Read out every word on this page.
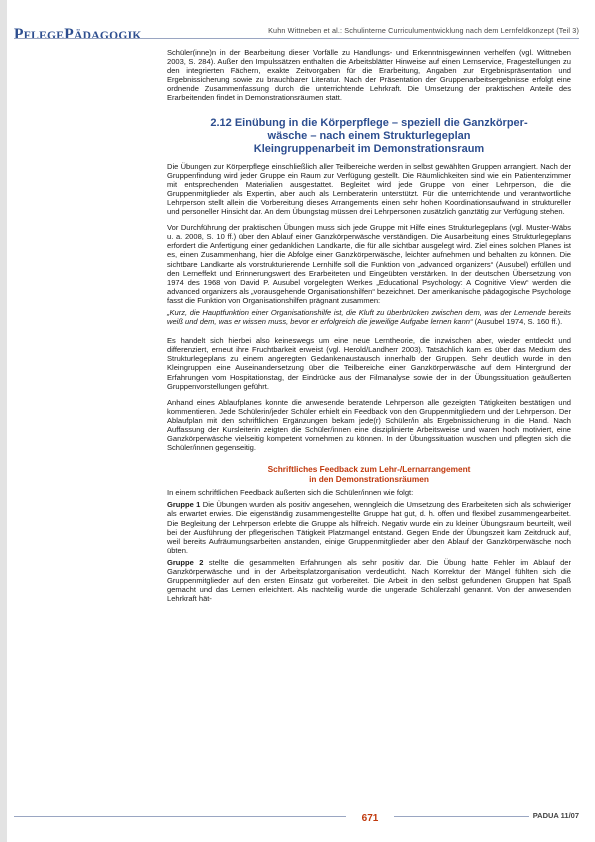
PFLEGEPÄDAGOGIK	Kuhn Wittneben et al.: Schulinterne Curriculumentwicklung nach dem Lernfeldkonzept (Teil 3)

Schüler(inne)n in der Bearbeitung dieser Vorfälle zu Handlungs- und Erkenntnisgewinnen verhelfen (vgl. Wittneben 2003, S. 284). Außer den Impulssätzen enthalten die Arbeitsblätter Hinweise auf einen Lernservice, Fragestellungen zu den integrierten Fächern, exakte Zeitvorgaben für die Erarbeitung, Angaben zur Ergebnispräsentation und Ergebnissicherung sowie zu brauchbarer Literatur. Nach der Präsentation der Gruppenarbeitsergebnisse erfolgt eine ordnende Zusammenfassung durch die unterrichtende Lehrkraft. Die Umsetzung der praktischen Anteile des Erarbeitenden findet in Demonstrationsräumen statt.

2.12 Einübung in die Körperpflege – speziell die Ganzkörper-
wäsche – nach einem Strukturlegeplan
Kleingruppenarbeit im Demonstrationsraum

Die Übungen zur Körperpflege einschließlich aller Teilbereiche werden in selbst gewählten Gruppen arrangiert. Nach der Gruppenfindung wird jeder Gruppe ein Raum zur Verfügung gestellt. Die Räumlichkeiten sind wie ein Patientenzimmer mit entsprechenden Materialien ausgestattet. Begleitet wird jede Gruppe von einer Lehrperson, die die Gruppenmitglieder als Expertin, aber auch als Lernberaterin unterstützt. Für die unterrichtende und verantwortliche Lehrperson stellt allein die Vorbereitung dieses Arrangements einen sehr hohen Koordinationsaufwand in struktureller und personeller Hinsicht dar. An dem Übungstag müssen drei Lehrpersonen zusätzlich ganztätig zur Verfügung stehen.

Vor Durchführung der praktischen Übungen muss sich jede Gruppe mit Hilfe eines Strukturlegeplans (vgl. Muster-Wäbs u. a. 2008, S. 10 ff.) über den Ablauf einer Ganzkörperwäsche verständigen. Die Ausarbeitung eines Strukturlegeplans erfordert die Anfertigung einer gedanklichen Landkarte, die für alle sichtbar ausgelegt wird. Ziel eines solchen Planes ist es, einen Zusammenhang, hier die Abfolge einer Ganzkörperwäsche, leichter aufnehmen und behalten zu können. Die sichtbare Landkarte als vorstrukturierende Lernhilfe soll die Funktion von „advanced organizers“ (Ausubel) erfüllen und den Lerneffekt und Erinnerungswert des Erarbeiteten und Eingeübten verstärken. In der deutschen Übersetzung von 1974 des 1968 von David P. Ausubel vorgelegten Werkes „Educational Psychology: A Cognitive View“ werden die advanced organizers als „vorausgehende Organisationshilfen“ bezeichnet. Der amerikanische pädagogische Psychologe fasst die Funktion von Organisationshilfen prägnant zusammen:

„Kurz, die Hauptfunktion einer Organisationshilfe ist, die Kluft zu überbrücken zwischen dem, was der Lernende bereits weiß und dem, was er wissen muss, bevor er erfolgreich die jeweilige Aufgabe lernen kann“ (Ausubel 1974, S. 160 ff.).

Es handelt sich hierbei also keineswegs um eine neue Lerntheorie, die inzwischen aber, wieder entdeckt und differenziert, erneut ihre Fruchtbarkeit erweist (vgl. Herold/Landherr 2003). Tatsächlich kam es über das Medium des Strukturlegeplans zu einem angeregten Gedankenaustausch innerhalb der Gruppen. Sehr deutlich wurde in den Kleingruppen eine Auseinandersetzung über die Teilbereiche einer Ganzkörperwäsche auf dem Hintergrund der Erfahrungen vom Hospitationstag, der Eindrücke aus der Filmanalyse sowie der in der Übungssituation geäußerten Gruppenvorstellungen geführt.

Anhand eines Ablaufplanes konnte die anwesende beratende Lehrperson alle gezeigten Tätigkeiten bestätigen und kommentieren. Jede Schülerin/jeder Schüler erhielt ein Feedback von den Gruppenmitgliedern und der Lehrperson. Der Ablaufplan mit den schriftlichen Ergänzungen bekam jede(r) Schüler/in als Ergebnissicherung in die Hand. Nach Auffassung der Kursleiterin zeigten die Schüler/innen eine disziplinierte Arbeitsweise und waren hoch motiviert, eine Ganzkörperwäsche vielseitig kompetent vornehmen zu können. In der Übungssituation wuschen und pflegten sich die Schüler/innen gegenseitig.

Schriftliches Feedback zum Lehr-/Lernarrangement
in den Demonstrationsräumen

In einem schriftlichen Feedback äußerten sich die Schüler/innen wie folgt:

Gruppe 1 Die Übungen wurden als positiv angesehen, wenngleich die Umsetzung des Erarbeiteten sich als schwieriger als erwartet erwies. Die eigenständig zusammengestellte Gruppe hat gut, d. h. offen und flexibel zusammengearbeitet. Die Begleitung der Lehrperson erlebte die Gruppe als hilfreich. Negativ wurde ein zu kleiner Übungsraum beurteilt, weil bei der Ausführung der pflegerischen Tätigkeit Platzmangel entstand. Gegen Ende der Übungszeit kam Zeitdruck auf, weil bereits Aufräumungsarbeiten anstanden, einige Gruppenmitglieder aber den Ablauf der Ganzkörperwäsche noch übten.

Gruppe 2 stellte die gesammelten Erfahrungen als sehr positiv dar. Die Übung hatte Fehler im Ablauf der Ganzkörperwäsche und in der Arbeitsplatzorganisation verdeutlicht. Nach Korrektur der Mängel fühlten sich die Gruppenmitglieder auf den ersten Einsatz gut vorbereitet. Die Arbeit in den selbst gefundenen Gruppen hat Spaß gemacht und das Lernen erleichtert. Als nachteilig wurde die ungerade Schülerzahl genannt. Von der anwesenden Lehrkraft hät-

671	PADUA 11/07
